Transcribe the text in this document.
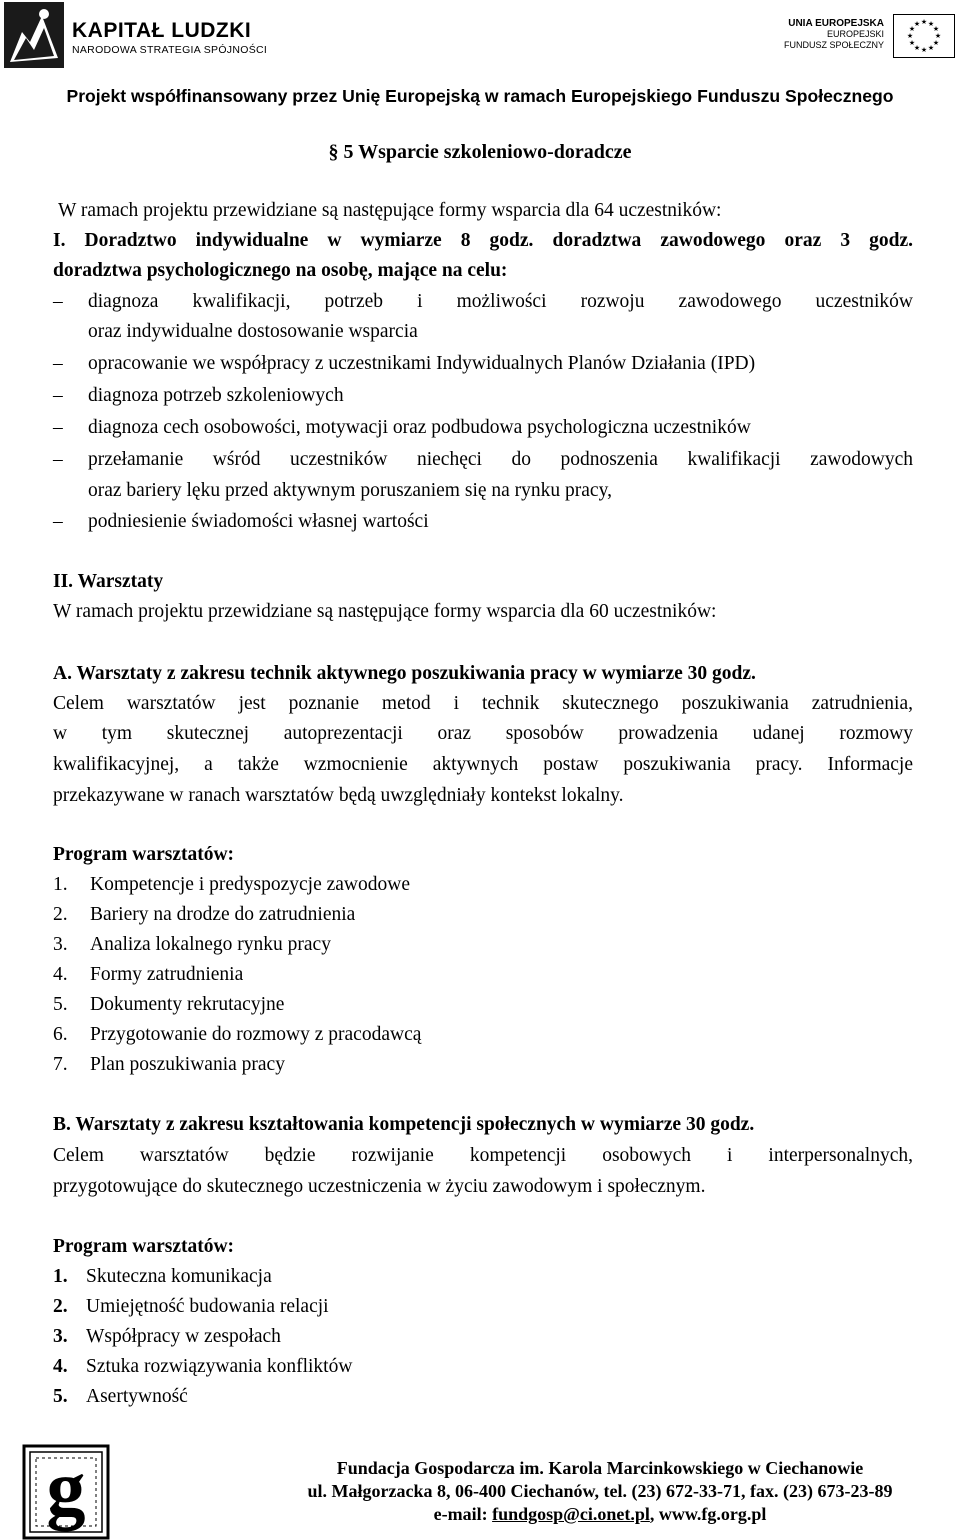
KAPITAŁ LUDZKI
NARODOWA STRATEGIA SPÓJNOŚCI
UNIA EUROPEJSKA
EUROPEJSKI
FUNDUSZ SPOŁECZNY
★ ★
★
★
★
★
★
★
★
★
★
★
Projekt współfinansowany przez Unię Europejską w ramach Europejskiego Funduszu Społecznego
§ 5 Wsparcie szkoleniowo-doradcze
W ramach projektu przewidziane są następujące formy wsparcia dla 64 uczestników:
I. Doradztwo indywidualne w wymiarze 8 godz. doradztwa zawodowego oraz 3 godz.
doradztwa psychologicznego na osobę, mające na celu:
– diagnoza kwalifikacji, potrzeb i możliwości rozwoju zawodowego uczestników
oraz indywidualne dostosowanie wsparcia
– opracowanie we współpracy z uczestnikami Indywidualnych Planów Działania (IPD)
– diagnoza potrzeb szkoleniowych
– diagnoza cech osobowości, motywacji oraz podbudowa psychologiczna uczestników
– przełamanie wśród uczestników niechęci do podnoszenia kwalifikacji zawodowych
oraz bariery lęku przed aktywnym poruszaniem się na rynku pracy,
– podniesienie świadomości własnej wartości
II. Warsztaty
W ramach projektu przewidziane są następujące formy wsparcia dla 60 uczestników:
A. Warsztaty z zakresu technik aktywnego poszukiwania pracy w wymiarze 30 godz.
Celem warsztatów jest poznanie metod i technik skutecznego poszukiwania zatrudnienia,
w tym skutecznej autoprezentacji oraz sposobów prowadzenia udanej rozmowy
kwalifikacyjnej, a także wzmocnienie aktywnych postaw poszukiwania pracy. Informacje
przekazywane w ranach warsztatów będą uwzględniały kontekst lokalny.
Program warsztatów:
1. Kompetencje i predyspozycje zawodowe
2. Bariery na drodze do zatrudnienia
3. Analiza lokalnego rynku pracy
4. Formy zatrudnienia
5. Dokumenty rekrutacyjne
6. Przygotowanie do rozmowy z pracodawcą
7. Plan poszukiwania pracy
B. Warsztaty z zakresu kształtowania kompetencji społecznych w wymiarze 30 godz.
Celem warsztatów będzie rozwijanie kompetencji osobowych i interpersonalnych,
przygotowujące do skutecznego uczestniczenia w życiu zawodowym i społecznym.
Program warsztatów:
1. Skuteczna komunikacja
2. Umiejętność budowania relacji
3. Współpracy w zespołach
4. Sztuka rozwiązywania konfliktów
5. Asertywność
g	Fundacja Gospodarcza im. Karola Marcinkowskiego w Ciechanowie
ul. Małgorzacka 8, 06-400 Ciechanów, tel. (23) 672-33-71, fax. (23) 673-23-89
e-mail: fundgosp@ci.onet.pl, www.fg.org.pl
